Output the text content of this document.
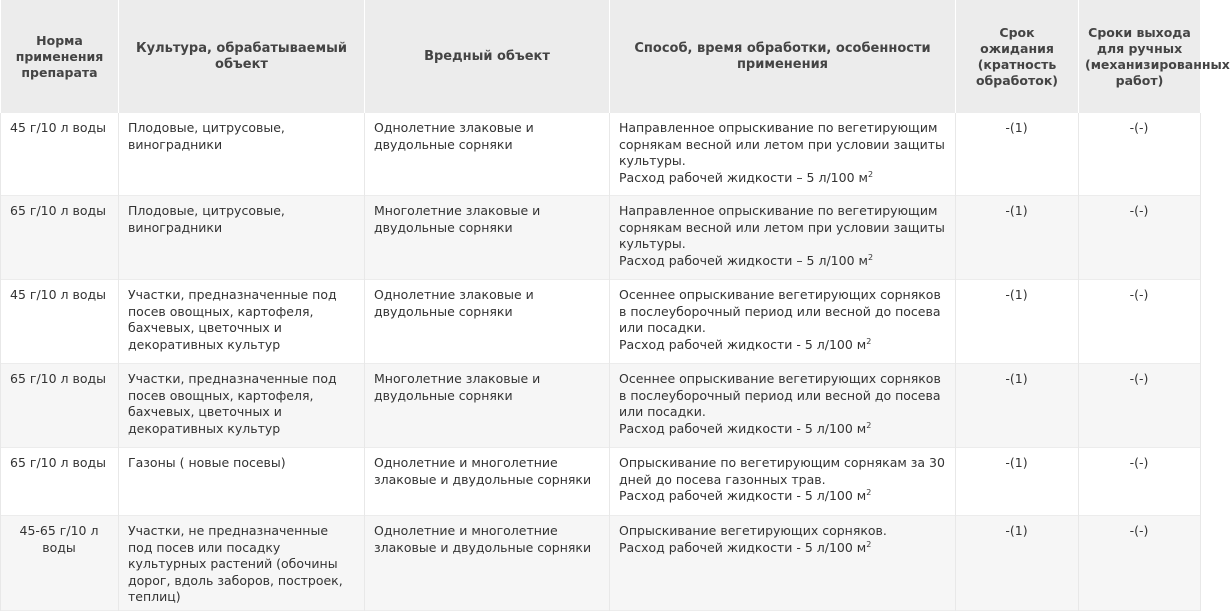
Норма применения препарата	Культура, обрабатываемый объект	Вредный объект	Способ, время обработки, особенности применения	Срок ожидания (кратность обработок)	Сроки выхода для ручных (механизированных работ)
45 г/10 л воды	Плодовые, цитрусовые, виноградники	Однолетние злаковые и двудольные сорняки	Направленное опрыскивание по вегетирующим сорнякам весной или летом при условии защиты культуры.
Расход рабочей жидкости – 5 л/100 $м^2$	-(1)	-(-)
65 г/10 л воды	Плодовые, цитрусовые, виноградники	Многолетние злаковые и двудольные сорняки	Направленное опрыскивание по вегетирующим сорнякам весной или летом при условии защиты культуры.
Расход рабочей жидкости – 5 л/100 $м^2$	-(1)	-(-)
45 г/10 л воды	Участки, предназначенные под посев овощных, картофеля, бахчевых, цветочных и декоративных культур	Однолетние злаковые и двудольные сорняки	Осеннее опрыскивание вегетирующих сорняков в послеуборочный период или весной до посева или посадки.
Расход рабочей жидкости - 5 л/100 $м^2$	-(1)	-(-)
65 г/10 л воды	Участки, предназначенные под посев овощных, картофеля, бахчевых, цветочных и декоративных культур	Многолетние злаковые и двудольные сорняки	Осеннее опрыскивание вегетирующих сорняков в послеуборочный период или весной до посева или посадки.
Расход рабочей жидкости - 5 л/100 $м^2$	-(1)	-(-)
65 г/10 л воды	Газоны ( новые посевы)	Однолетние и многолетние злаковые и двудольные сорняки	Опрыскивание по вегетирующим сорнякам за 30 дней до посева газонных трав.
Расход рабочей жидкости - 5 л/100 $м^2$	-(1)	-(-)
45-65 г/10 л воды	Участки, не предназначенные под посев или посадку культурных растений (обочины дорог, вдоль заборов, построек, теплиц)	Однолетние и многолетние злаковые и двудольные сорняки	Опрыскивание вегетирующих сорняков.
Расход рабочей жидкости - 5 л/100 $м^2$	-(1)	-(-)
